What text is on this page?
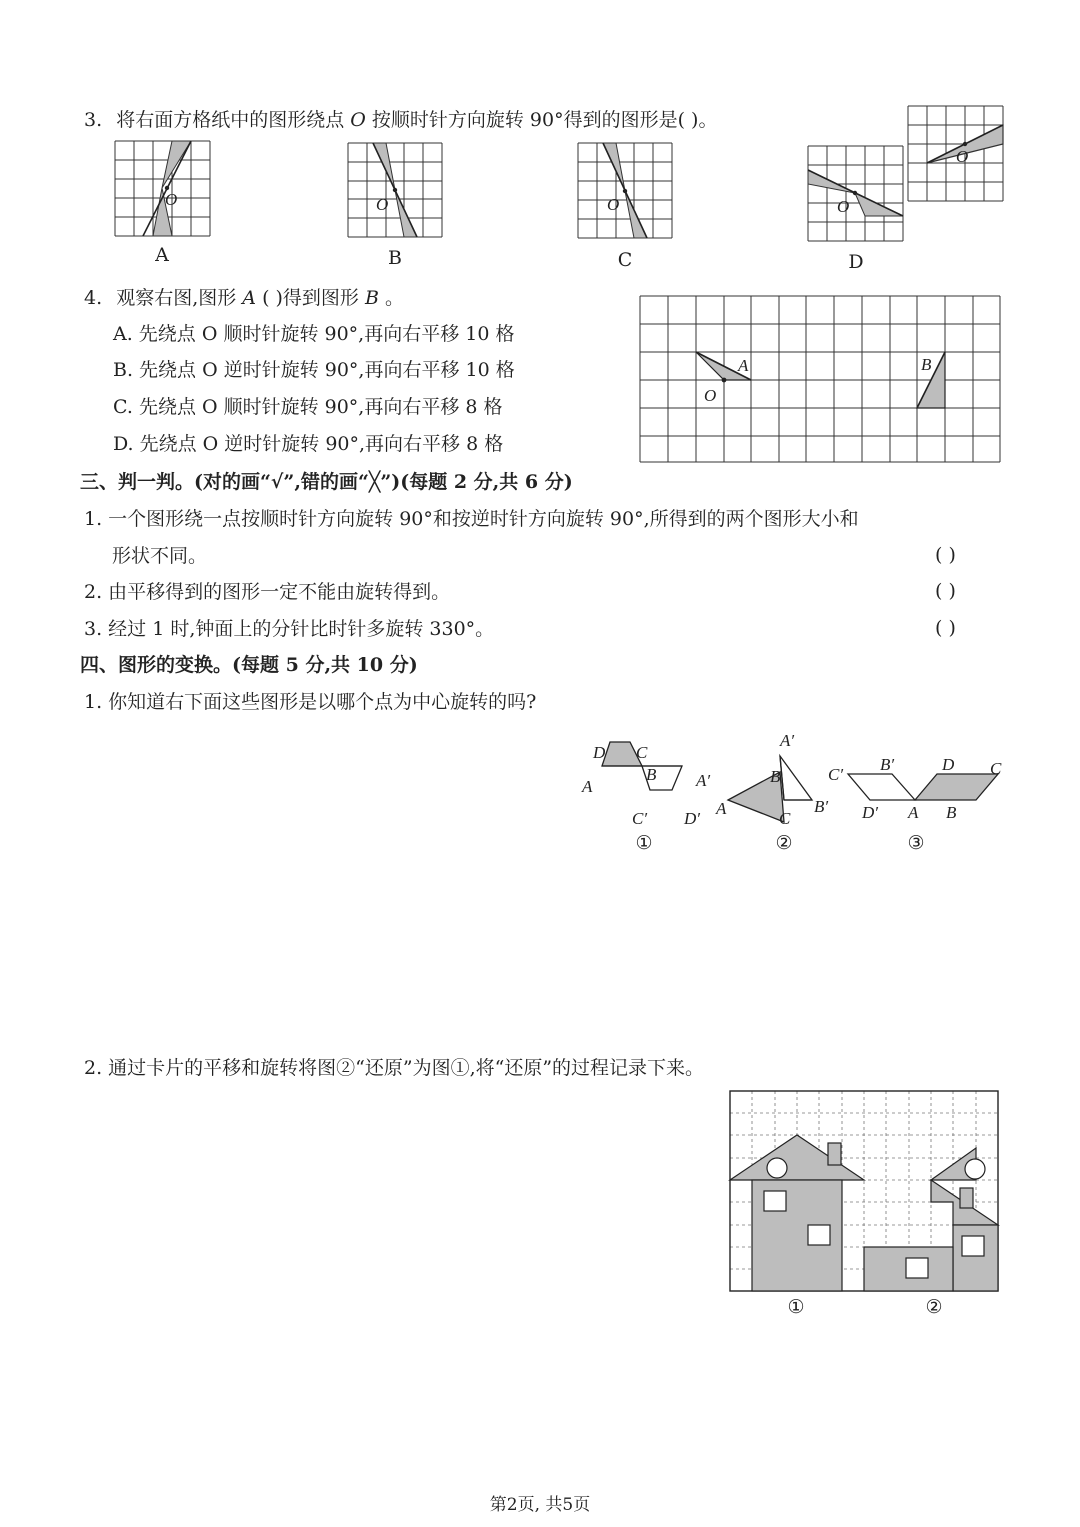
3. 将右面方格纸中的图形绕点 O 按顺时针方向旋转 90°得到的图形是( )。
O
O
A
O
B
O
C
O
D
4. 观察右图,图形 A ( )得到图形 B 。
A. 先绕点 O 顺时针旋转 90°,再向右平移 10 格
B. 先绕点 O 逆时针旋转 90°,再向右平移 10 格
C. 先绕点 O 顺时针旋转 90°,再向右平移 8 格
D. 先绕点 O 逆时针旋转 90°,再向右平移 8 格
A
O
B
三、判一判。(对的画“√”,错的画“╳”)(每题 2 分,共 6 分)
1. 一个图形绕一点按顺时针方向旋转 90°和按逆时针方向旋转 90°,所得到的两个图形大小和
形状不同。	( )
2. 由平移得到的图形一定不能由旋转得到。	( )
3. 经过 1 时,钟面上的分针比时针多旋转 330°。	( )
四、图形的变换。(每题 5 分,共 10 分)
1. 你知道右下面这些图形是以哪个点为中心旋转的吗?
D C
A
B A′
C′ D′
A′
B
A
C
B′
C′
B′	D C
D′ A B
①	②	③
2. 通过卡片的平移和旋转将图②“还原”为图①,将“还原”的过程记录下来。
①	②
第2页, 共5页
